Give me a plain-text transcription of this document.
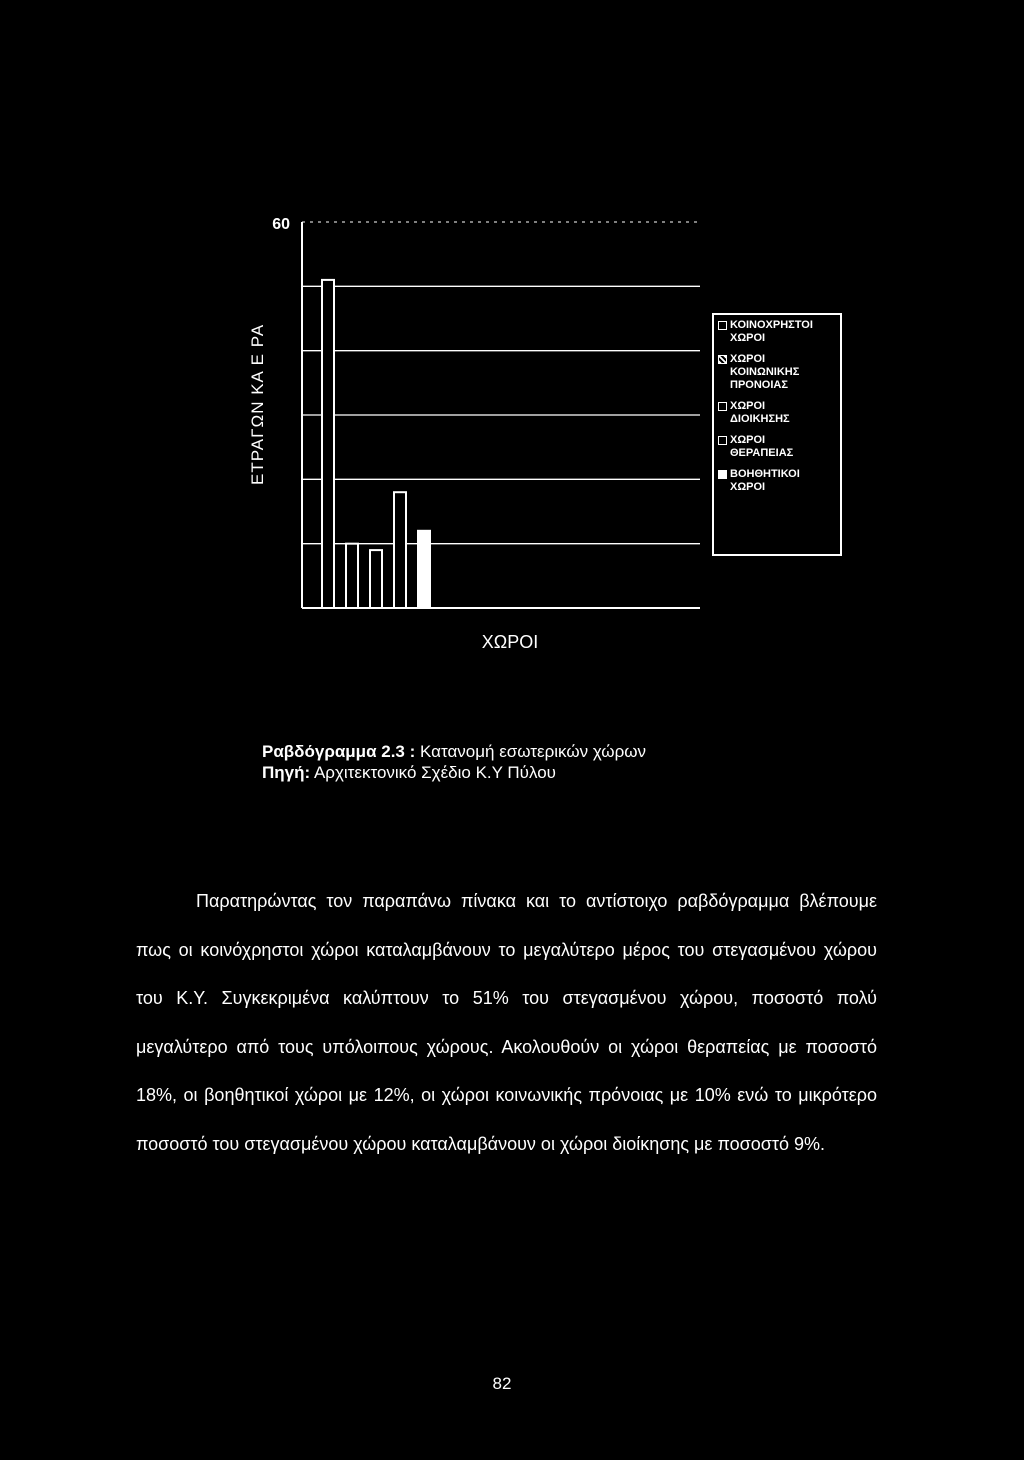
60
ΕΤΡΑΓΩΝ ΚΑ Ε ΡΑ	ΚΟΙΝΟΧΡΗΣΤΟΙ
ΧΩΡΟΙ
ΧΩΡΟΙ
ΚΟΙΝΩΝΙΚΗΣ
ΠΡΟΝΟΙΑΣ
ΧΩΡΟΙ
ΔΙΟΙΚΗΣΗΣ
ΧΩΡΟΙ
ΘΕΡΑΠΕΙΑΣ
ΒΟΗΘΗΤΙΚΟΙ
ΧΩΡΟΙ
ΧΩΡΟΙ
Ραβδόγραμμα 2.3 : Κατανομή εσωτερικών χώρων
Πηγή: Αρχιτεκτονικό Σχέδιο Κ.Υ Πύλου
Παρατηρώντας τον παραπάνω πίνακα και το αντίστοιχο ραβδόγραμμα βλέπουμε πως οι κοινόχρηστοι χώροι καταλαμβάνουν το μεγαλύτερο μέρος του στεγασμένου χώρου του Κ.Υ. Συγκεκριμένα καλύπτουν το 51% του στεγασμένου χώρου, ποσοστό πολύ μεγαλύτερο από τους υπόλοιπους χώρους. Ακολουθούν οι χώροι θεραπείας με ποσοστό 18%, οι βοηθητικοί χώροι με 12%, οι χώροι κοινωνικής πρόνοιας με 10% ενώ το μικρότερο ποσοστό του στεγασμένου χώρου καταλαμβάνουν οι χώροι διοίκησης με ποσοστό 9%.
82
